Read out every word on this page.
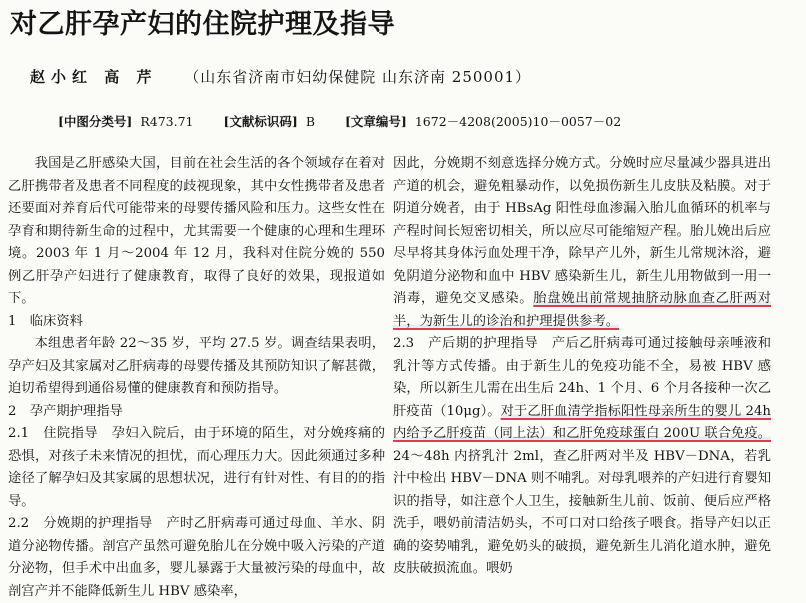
对乙肝孕产妇的住院护理及指导
赵小红 高 芹 （山东省济南市妇幼保健院 山东济南 250001）
[中图分类号] R473.71 [文献标识码] B [文章编号] 1672－4208(2005)10－0057－02

我国是乙肝感染大国，目前在社会生活的各个领域存在着对乙肝携带者及患者不同程度的歧视现象，其中女性携带者及患者还要面对养育后代可能带来的母婴传播风险和压力。这些女性在孕育和期待新生命的过程中，尤其需要一个健康的心理和生理环境。2003 年 1 月～2004 年 12 月，我科对住院分娩的 550 例乙肝孕产妇进行了健康教育，取得了良好的效果，现报道如下。

1　临床资料

本组患者年龄 22～35 岁，平均 27.5 岁。调查结果表明，孕产妇及其家属对乙肝病毒的母婴传播及其预防知识了解甚微，迫切希望得到通俗易懂的健康教育和预防指导。

2　孕产期护理指导

2.1　住院指导　孕妇入院后，由于环境的陌生，对分娩疼痛的恐惧，对孩子未来情况的担忧，而心理压力大。因此须通过多种途径了解孕妇及其家属的思想状况，进行有针对性、有目的的指导。

2.2　分娩期的护理指导　产时乙肝病毒可通过母血、羊水、阴道分泌物传播。剖宫产虽然可避免胎儿在分娩中吸入污染的产道分泌物，但手术中出血多，婴儿暴露于大量被污染的母血中，故剖宫产并不能降低新生儿 HBV 感染率，

因此，分娩期不刻意选择分娩方式。分娩时应尽量减少器具进出产道的机会，避免粗暴动作，以免损伤新生儿皮肤及粘膜。对于阴道分娩者，由于 HBsAg 阳性母血渗漏入胎儿血循环的机率与产程时间长短密切相关，所以应尽可能缩短产程。胎儿娩出后应尽早将其身体污血处理干净，除早产儿外，新生儿常规沐浴，避免阴道分泌物和血中 HBV 感染新生儿，新生儿用物做到一用一消毒，避免交叉感染。胎盘娩出前常规抽脐动脉血查乙肝两对半，为新生儿的诊治和护理提供参考。

2.3　产后期的护理指导　产后乙肝病毒可通过接触母亲唾液和乳汁等方式传播。由于新生儿的免疫功能不全，易被 HBV 感染，所以新生儿需在出生后 24h、1 个月、6 个月各接种一次乙肝疫苗（10μg）。对于乙肝血清学指标阳性母亲所生的婴儿 24h 内给予乙肝疫苗（同上法）和乙肝免疫球蛋白 200U 联合免疫。24～48h 内挤乳汁 2ml，查乙肝两对半及 HBV－DNA，若乳汁中检出 HBV－DNA 则不哺乳。对母乳喂养的产妇进行育婴知识的指导，如注意个人卫生，接触新生儿前、饭前、便后应严格洗手，喂奶前清洁奶头，不可口对口给孩子喂食。指导产妇以正确的姿势哺乳，避免奶头的破损，避免新生儿消化道水肿，避免皮肤破损流血。喂奶
